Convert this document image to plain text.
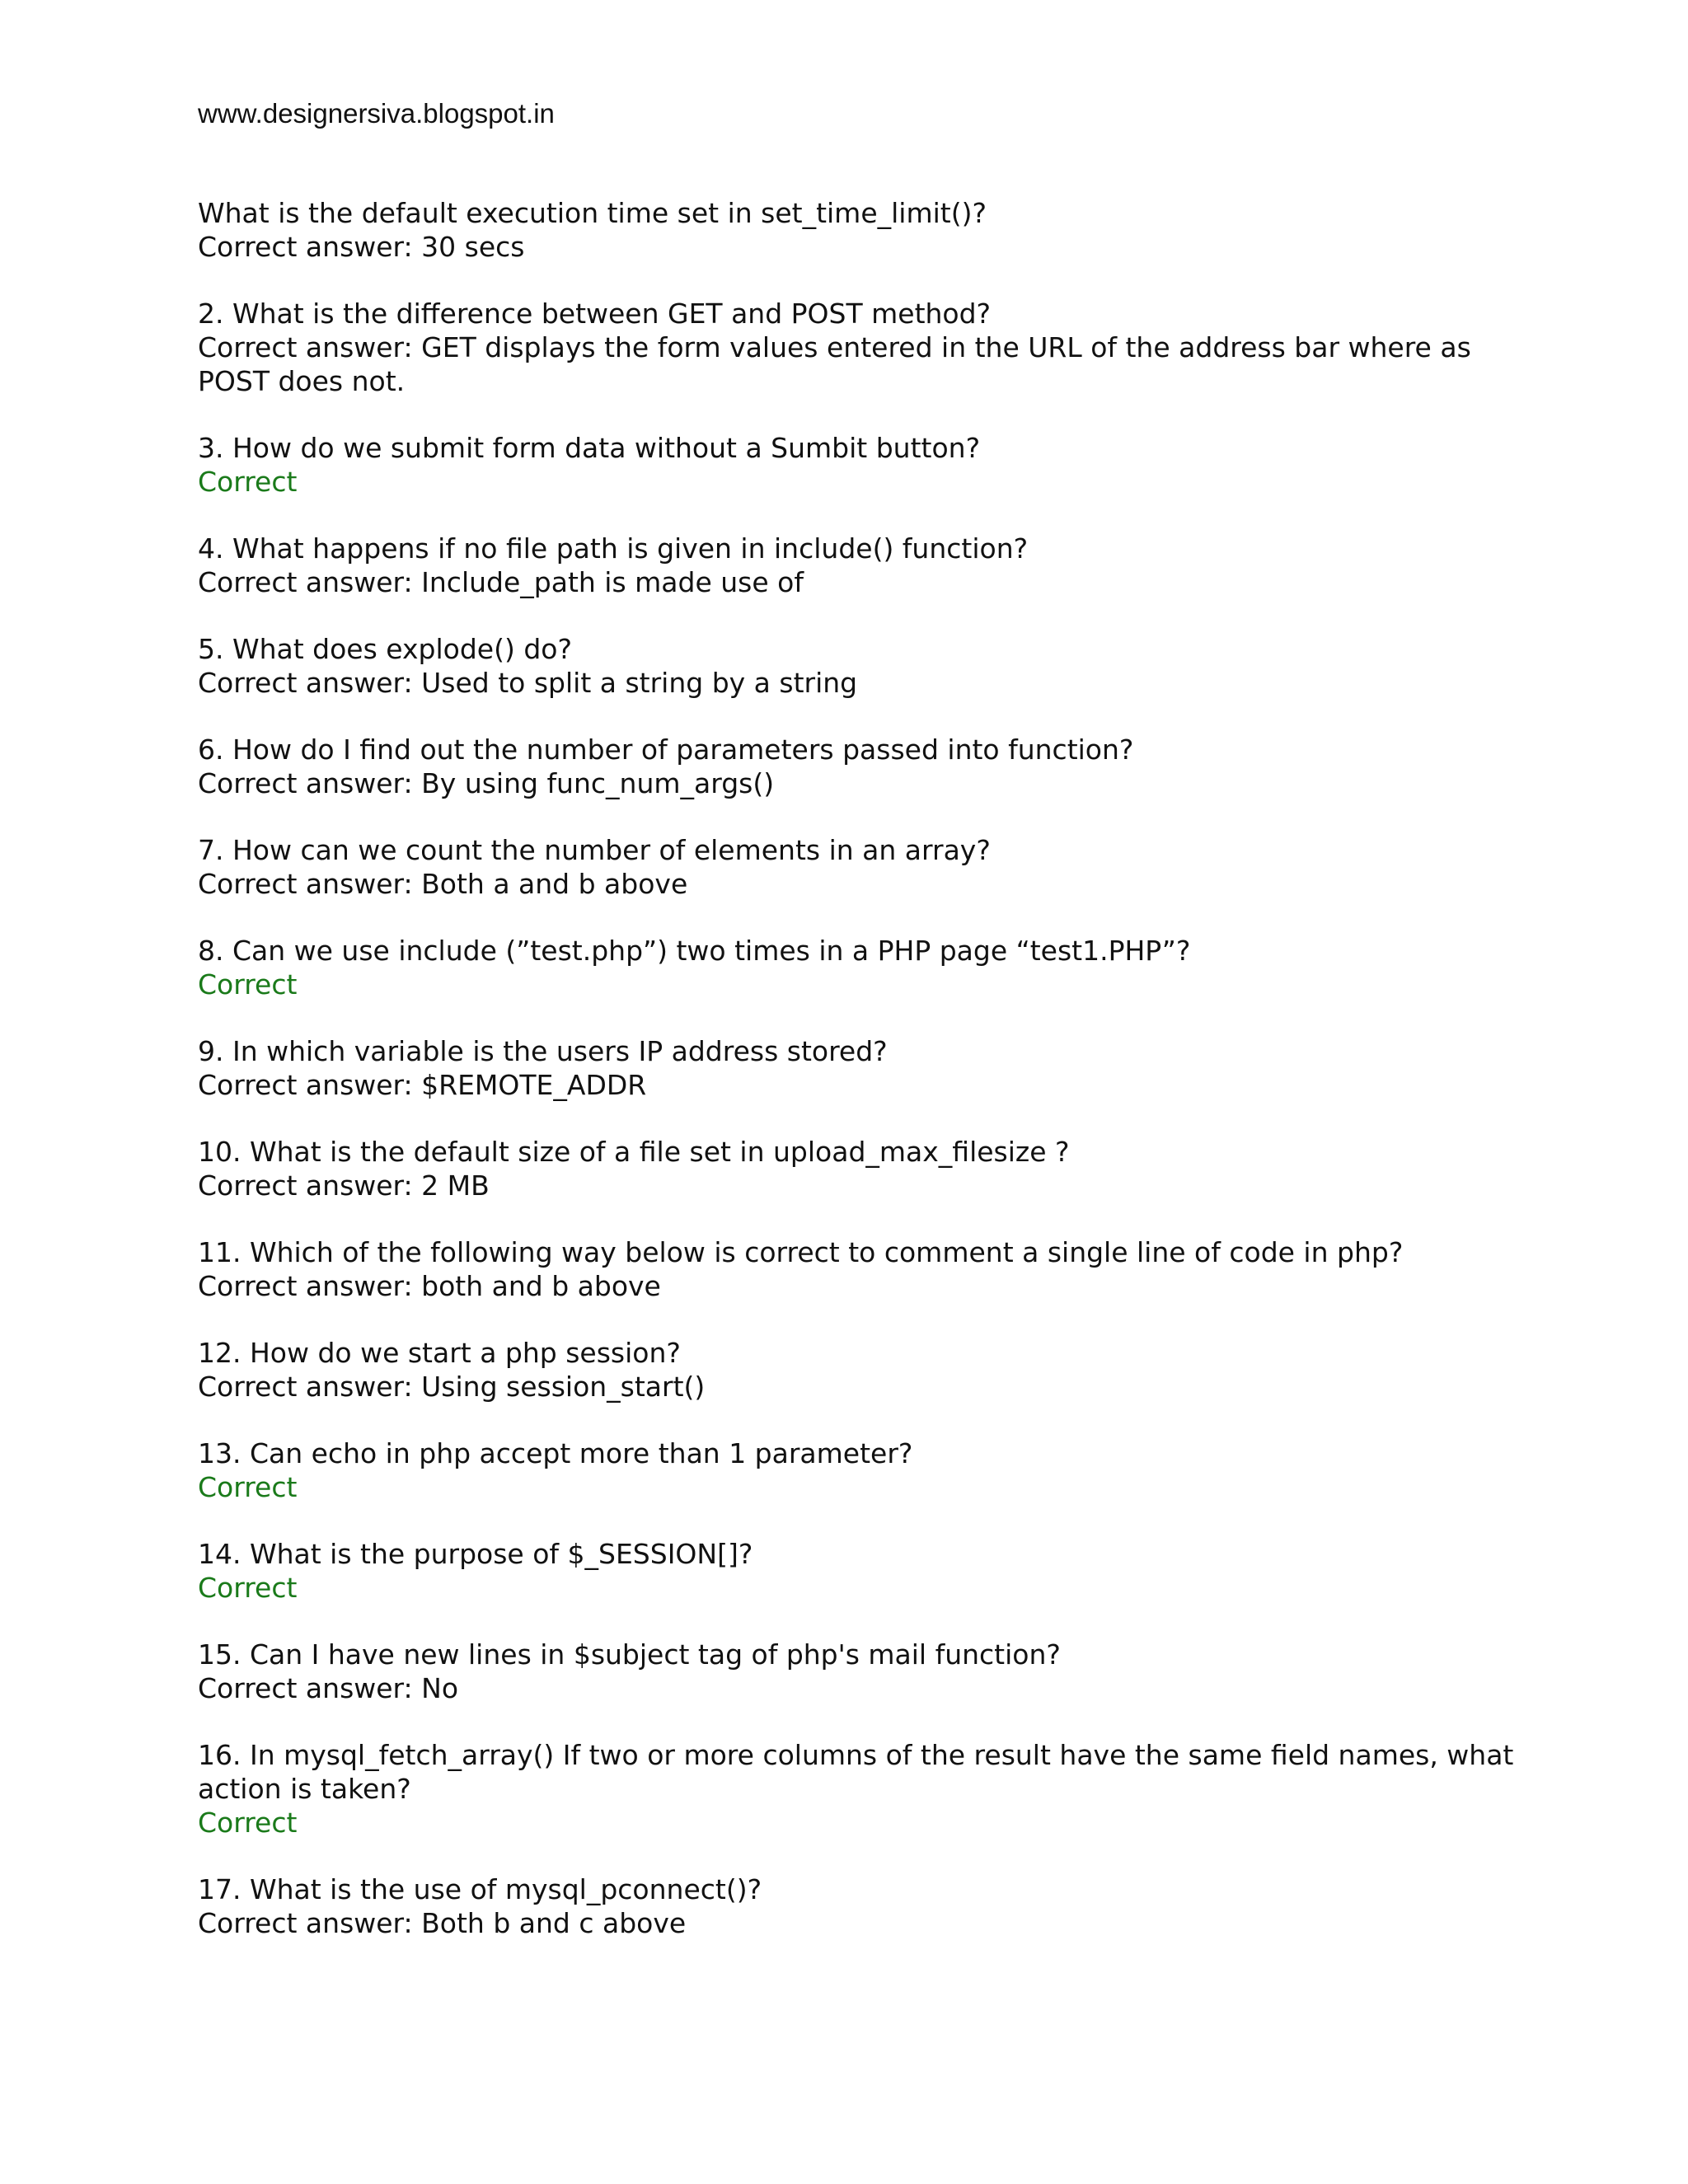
www.designersiva.blogspot.in

What is the default execution time set in set_time_limit()?

Correct answer: 30 secs

2. What is the difference between GET and POST method?

Correct answer: GET displays the form values entered in the URL of the address bar where as POST does not.

3. How do we submit form data without a Sumbit button?

Correct

4. What happens if no file path is given in include() function?

Correct answer: Include_path is made use of

5. What does explode() do?

Correct answer: Used to split a string by a string

6. How do I find out the number of parameters passed into function?

Correct answer: By using func_num_args()

7. How can we count the number of elements in an array?

Correct answer: Both a and b above

8. Can we use include (”test.php”) two times in a PHP page “test1.PHP”?

Correct

9. In which variable is the users IP address stored?

Correct answer: $REMOTE_ADDR

10. What is the default size of a file set in upload_max_filesize ?

Correct answer: 2 MB

11. Which of the following way below is correct to comment a single line of code in php?

Correct answer: both and b above

12. How do we start a php session?

Correct answer: Using session_start()

13. Can echo in php accept more than 1 parameter?

Correct

14. What is the purpose of $_SESSION[]?

Correct

15. Can I have new lines in $subject tag of php's mail function?

Correct answer: No

16. In mysql_fetch_array() If two or more columns of the result have the same field names, what action is taken?

Correct

17. What is the use of mysql_pconnect()?

Correct answer: Both b and c above
